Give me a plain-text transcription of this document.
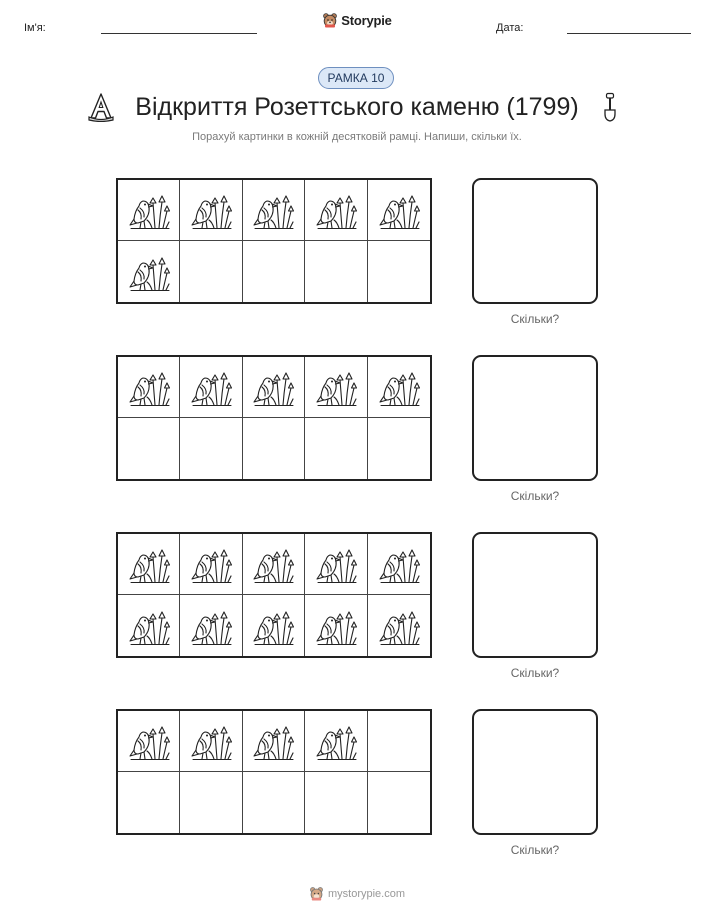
Ім'я:
Storypie
Дата:
РАМКА 10
Відкриття Розеттського каменю (1799)
Порахуй картинки в кожній десятковій рамці. Напиши, скільки їх.
Скільки?
Скільки?
Скільки?
Скільки?
mystorypie.com
